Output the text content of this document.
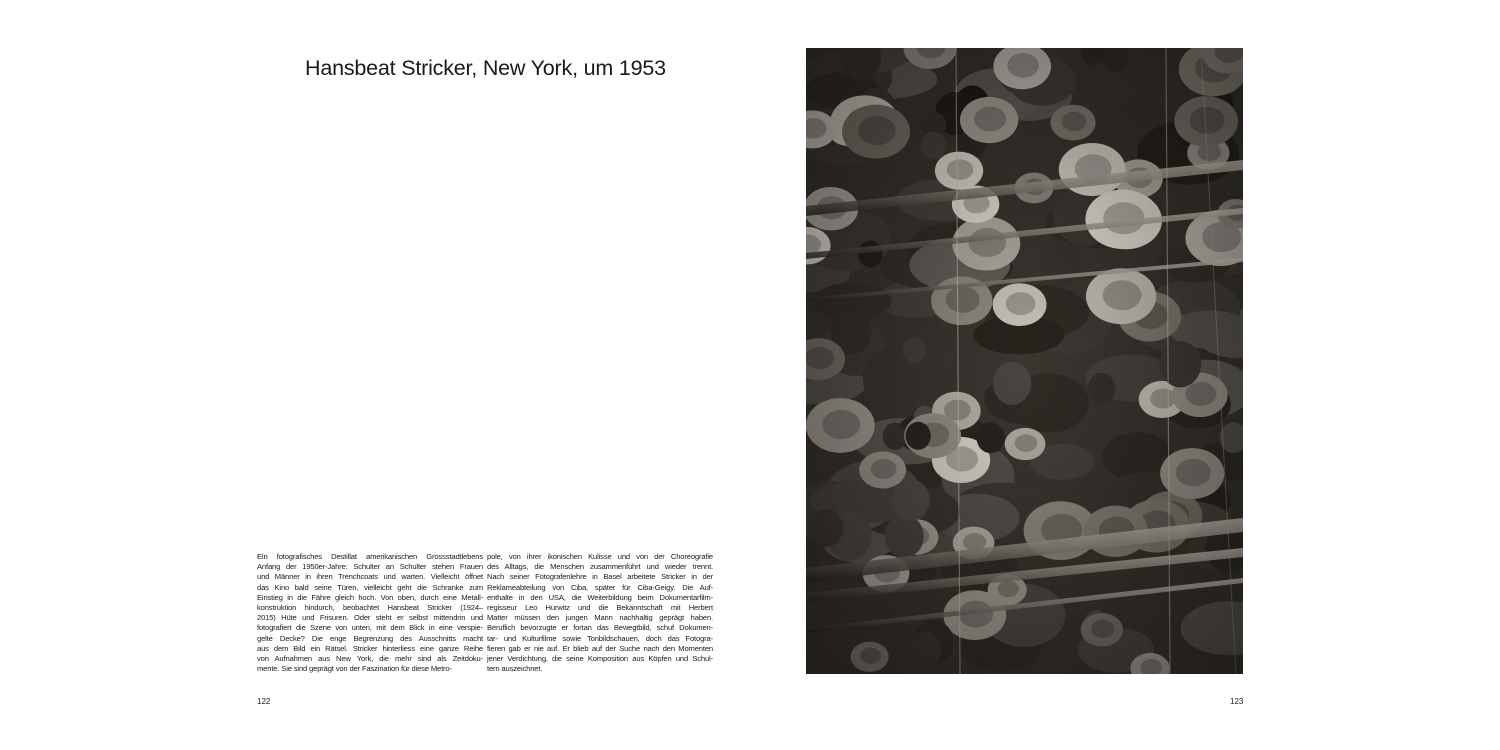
Hansbeat Stricker, New York, um 1953
Ein fotografisches Destillat amerikanischen Grossstadtlebens
Anfang der 1950er-Jahre: Schulter an Schulter stehen Frauen
und Männer in ihren Trenchcoats und warten. Vielleicht öffnet
das Kino bald seine Türen, vielleicht geht die Schranke zum
Einstieg in die Fähre gleich hoch. Von oben, durch eine Metall-
konstruktion hindurch, beobachtet Hansbeat Stricker (1924–
2015) Hüte und Frisuren. Oder steht er selbst mittendrin und
fotografiert die Szene von unten, mit dem Blick in eine verspie-
gelte Decke? Die enge Begrenzung des Ausschnitts macht
aus dem Bild ein Rätsel. Stricker hinterliess eine ganze Reihe
von Aufnahmen aus New York, die mehr sind als Zeitdoku-
mente. Sie sind geprägt von der Faszination für diese Metro-
pole, von ihrer ikonischen Kulisse und von der Choreografie
des Alltags, die Menschen zusammenführt und wieder trennt.
Nach seiner Fotografenlehre in Basel arbeitete Stricker in der
Reklameabteilung von Ciba, später für Ciba-Geigy. Die Auf-
enthalte in den USA, die Weiterbildung beim Dokumentarfilm-
regisseur Leo Hurwitz und die Bekanntschaft mit Herbert
Matter müssen den jungen Mann nachhaltig geprägt haben.
Beruflich bevorzugte er fortan das Bewegtbild, schuf Dokumen-
tar- und Kulturfilme sowie Tonbildschauen, doch das Fotogra-
fieren gab er nie auf. Er blieb auf der Suche nach den Momenten
jener Verdichtung, die seine Komposition aus Köpfen und Schul-
tern auszeichnet.
122	123
